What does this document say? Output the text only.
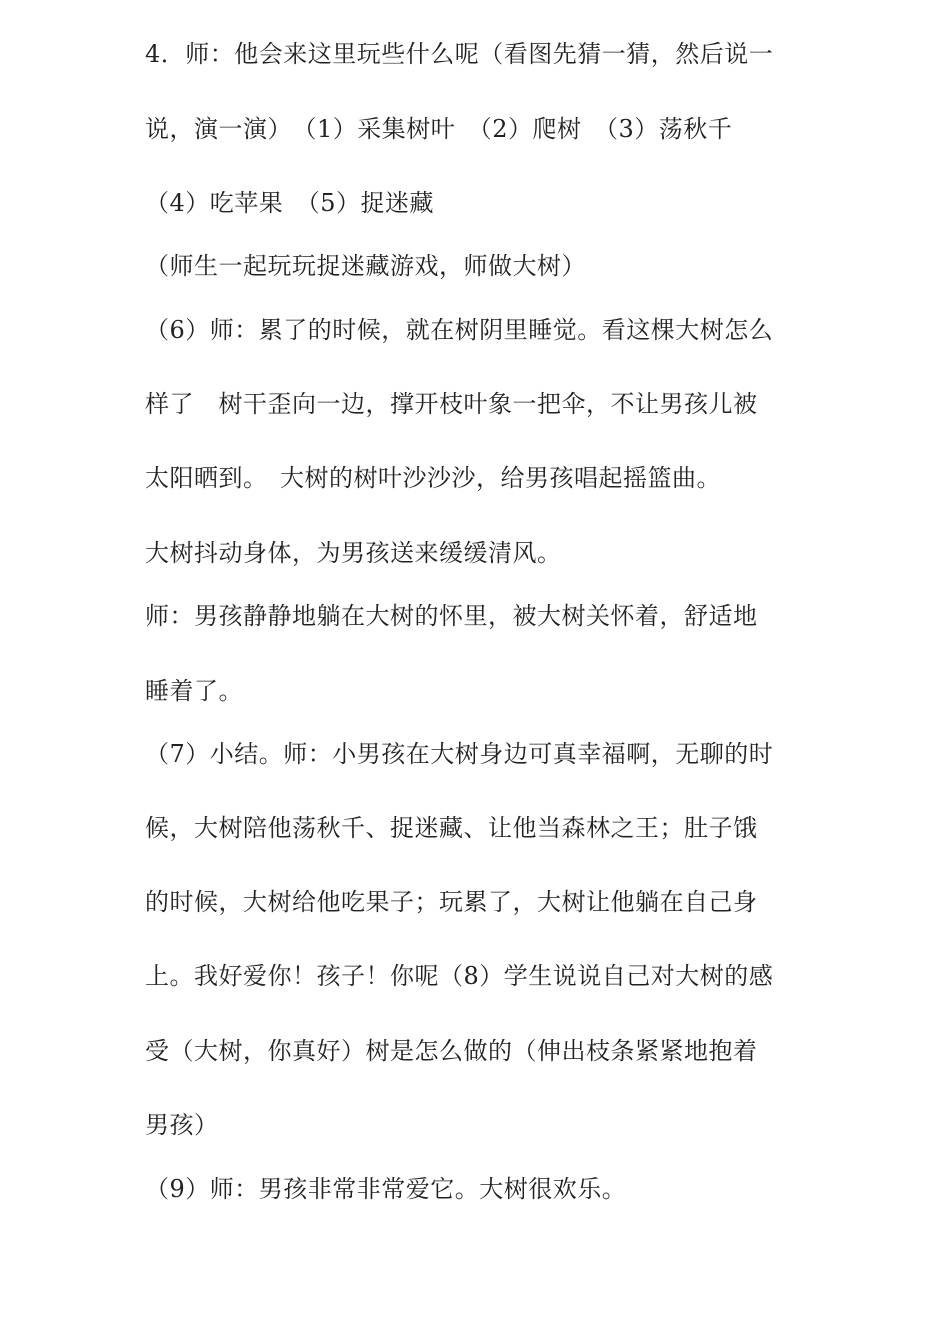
4．师：他会来这里玩些什么呢（看图先猜一猜，然后说一
说，演一演）　（1）采集树叶　（2）爬树　（3）荡秋千
（4）吃苹果　（5）捉迷藏
（师生一起玩玩捉迷藏游戏，师做大树）
（6）师：累了的时候，就在树阴里睡觉。看这棵大树怎么
样了　树干歪向一边，撑开枝叶象一把伞，不让男孩儿被
太阳晒到。　大树的树叶沙沙沙，给男孩唱起摇篮曲。
大树抖动身体，为男孩送来缓缓清风。
师：男孩静静地躺在大树的怀里，被大树关怀着，舒适地
睡着了。
（7）小结。师：小男孩在大树身边可真幸福啊，无聊的时
候，大树陪他荡秋千、捉迷藏、让他当森林之王；肚子饿
的时候，大树给他吃果子；玩累了，大树让他躺在自己身
上。我好爱你！孩子！你呢（8）学生说说自己对大树的感
受（大树，你真好）树是怎么做的（伸出枝条紧紧地抱着
男孩）
（9）师：男孩非常非常爱它。大树很欢乐。
